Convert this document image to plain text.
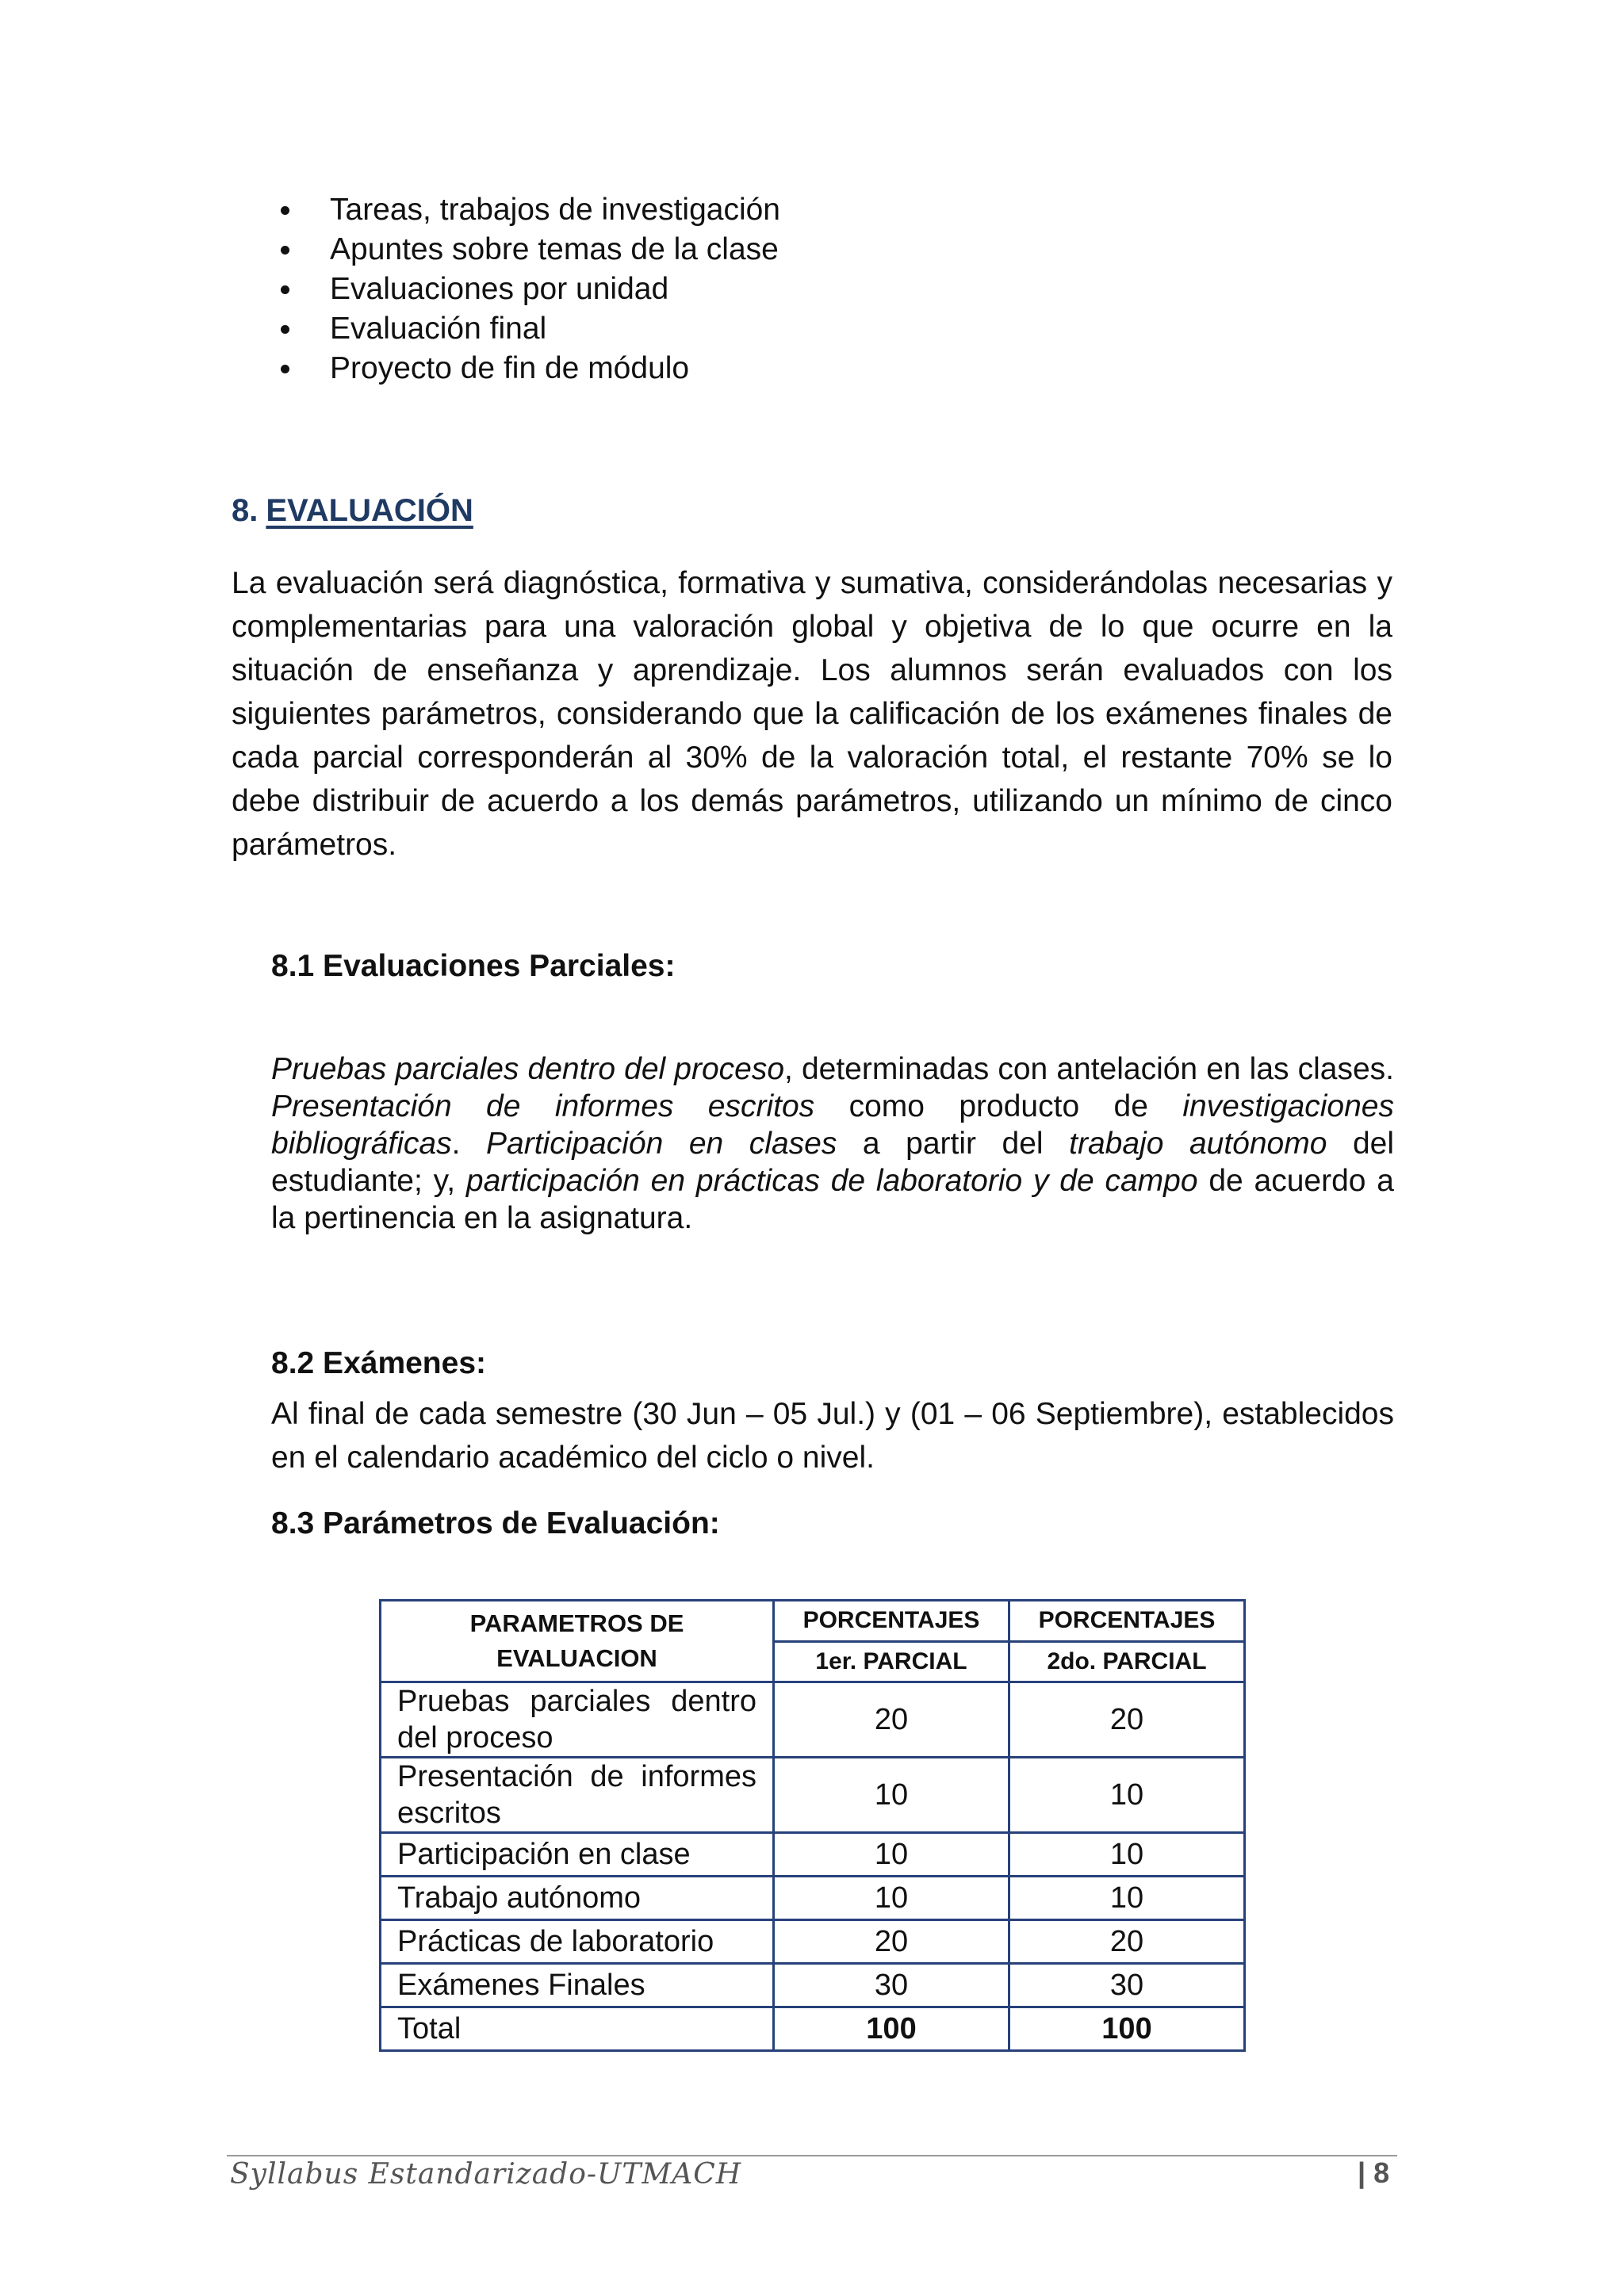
Tareas, trabajos de investigación
Apuntes sobre temas de la clase
Evaluaciones por unidad
Evaluación final
Proyecto de fin de módulo
8. EVALUACIÓN

La evaluación será diagnóstica, formativa y sumativa, considerándolas necesarias y complementarias para una valoración global y objetiva de lo que ocurre en la situación de enseñanza y aprendizaje. Los alumnos serán evaluados con los siguientes parámetros, considerando que la calificación de los exámenes finales de cada parcial corresponderán al 30% de la valoración total, el restante 70% se lo debe distribuir de acuerdo a los demás parámetros, utilizando un mínimo de cinco parámetros.

8.1 Evaluaciones Parciales:

Pruebas parciales dentro del proceso, determinadas con antelación en las clases. Presentación de informes escritos como producto de investigaciones bibliográficas. Participación en clases a partir del trabajo autónomo del estudiante; y, participación en prácticas de laboratorio y de campo de acuerdo a la pertinencia en la asignatura.

8.2 Exámenes:

Al final de cada semestre (30 Jun – 05 Jul.) y (01 – 06 Septiembre), establecidos en el calendario académico del ciclo o nivel.

8.3 Parámetros de Evaluación:
PARAMETROS DE
EVALUACION	PORCENTAJES	PORCENTAJES
	1er. PARCIAL	2do. PARCIAL
Pruebas parciales dentro del proceso	20	20
Presentación de informes escritos	10	10
Participación en clase	10	10
Trabajo autónomo	10	10
Prácticas de laboratorio	20	20
Exámenes Finales	30	30
Total	100	100
Syllabus Estandarizado-UTMACH	| 8
